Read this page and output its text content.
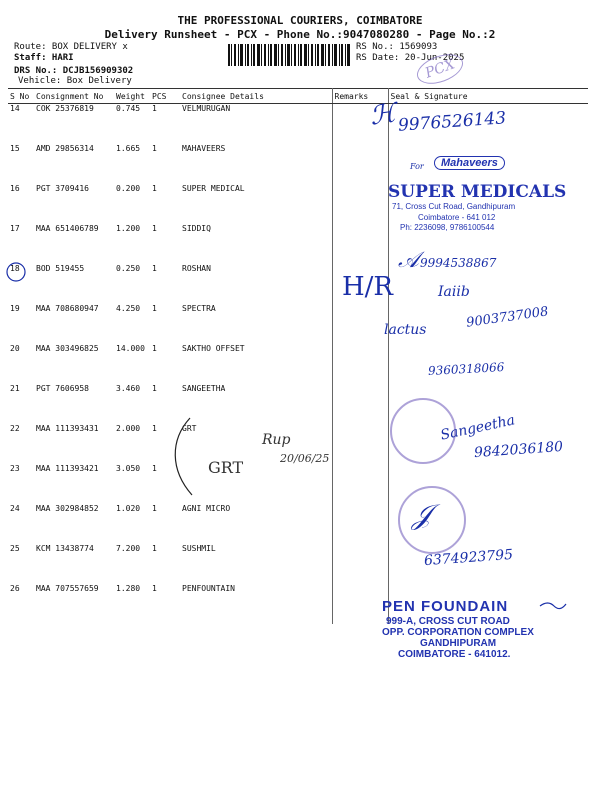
THE PROFESSIONAL COURIERS, COIMBATORE
Delivery Runsheet - PCX - Phone No.:9047080280 - Page No.:2
Route: BOX DELIVERY x
Staff: HARI
DRS No.: DCJB156909302
Vehicle: Box Delivery
RS No.: 1569093
RS Date: 20-Jun-2025
S No	Consignment No	Weight	PCS	Consignee Details	Remarks	Seal & Signature
14	COK 25376819	0.745	1	VELMURUGAN		
15	AMD 29856314	1.665	1	MAHAVEERS		
16	PGT 3709416	0.200	1	SUPER MEDICAL		
17	MAA 651406789	1.200	1	SIDDIQ		
18	BOD 519455	0.250	1	ROSHAN		
19	MAA 708680947	4.250	1	SPECTRA		
20	MAA 303496825	14.000	1	SAKTHO OFFSET		
21	PGT 7606958	3.460	1	SANGEETHA		
22	MAA 111393431	2.000	1	GRT		
23	MAA 111393421	3.050	1			
24	MAA 302984852	1.020	1	AGNI MICRO		
25	KCM 13438774	7.200	1	SUSHMIL		
26	MAA 707557659	1.280	1	PENFOUNTAIN		
ℋ 9976526143
For	Mahaveers
SUPER MEDICALS
71, Cross Cut Road, Gandhipuram
Coimbatore - 641 012
Ph: 2236098, 9786100544
𝒜 9994538867
H/R	Iaiib
9003737008
lactus
9360318066
Sangeetha
9842036180
Rup
20/06/25
GRT
𝒥
6374923795
PEN FOUNDAIN
999-A, CROSS CUT ROAD
OPP. CORPORATION COMPLEX
GANDHIPURAM
COIMBATORE - 641012.
PCX
